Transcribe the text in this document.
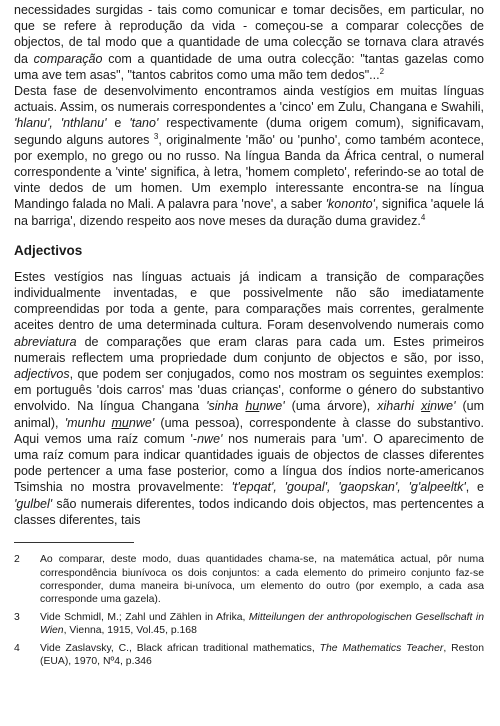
necessidades surgidas - tais como comunicar e tomar decisões, em particular, no que se refere à reprodução da vida - começou-se a comparar colecções de objectos, de tal modo que a quantidade de uma colecção se tornava clara através da comparação com a quantidade de uma outra colecção: "tantas gazelas como uma ave tem asas", "tantos cabritos como uma mão tem dedos"...$^2$

Desta fase de desenvolvimento encontramos ainda vestígios em muitas línguas actuais. Assim, os numerais correspondentes a 'cinco' em Zulu, Changana e Swahili, 'hlanu', 'nthlanu' e 'tano' respectivamente (duma origem comum), significavam, segundo alguns autores $^3$, originalmente 'mão' ou 'punho', como também acontece, por exemplo, no grego ou no russo. Na língua Banda da África central, o numeral correspondente a 'vinte' significa, à letra, 'homem completo', referindo-se ao total de vinte dedos de um homen. Um exemplo interessante encontra-se na língua Mandingo falada no Mali. A palavra para 'nove', a saber 'kononto', significa 'aquele lá na barriga', dizendo respeito aos nove meses da duração duma gravidez.$^4$

Adjectivos

Estes vestígios nas línguas actuais já indicam a transição de comparações individualmente inventadas, e que possivelmente não são imediatamente compreendidas por toda a gente, para comparações mais correntes, geralmente aceites dentro de uma determinada cultura. Foram desenvolvendo numerais como abreviatura de comparações que eram claras para cada um. Estes primeiros numerais reflectem uma propriedade dum conjunto de objectos e são, por isso, adjectivos, que podem ser conjugados, como nos mostram os seguintes exemplos: em português 'dois carros' mas 'duas crianças', conforme o género do substantivo envolvido. Na língua Changana 'sinha hunwe' (uma árvore), xiharhi xinwe' (um animal), 'munhu munwe' (uma pessoa), correspondente à classe do substantivo. Aqui vemos uma raíz comum '-nwe' nos numerais para 'um'. O aparecimento de uma raíz comum para indicar quantidades iguais de objectos de classes diferentes pode pertencer a uma fase posterior, como a língua dos índios norte-americanos Tsimshia no mostra provavelmente: 't'epqat', 'goupal', 'gaopskan', 'g'alpeeltk', e 'gulbel' são numerais diferentes, todos indicando dois objectos, mas pertencentes a classes diferentes, tais

2	Ao comparar, deste modo, duas quantidades chama-se, na matemática actual, pôr numa correspondência biunívoca os dois conjuntos: a cada elemento do primeiro conjunto faz-se corresponder, duma maneira bi-unívoca, um elemento do outro (por exemplo, a cada asa corresponde uma gazela).
3	Vide Schmidl, M.; Zahl und Zählen in Afrika, Mitteilungen der anthropologischen Gesellschaft in Wien, Vienna, 1915, Vol.45, p.168
4	Vide Zaslavsky, C., Black african traditional mathematics, The Mathematics Teacher, Reston (EUA), 1970, Nº4, p.346
